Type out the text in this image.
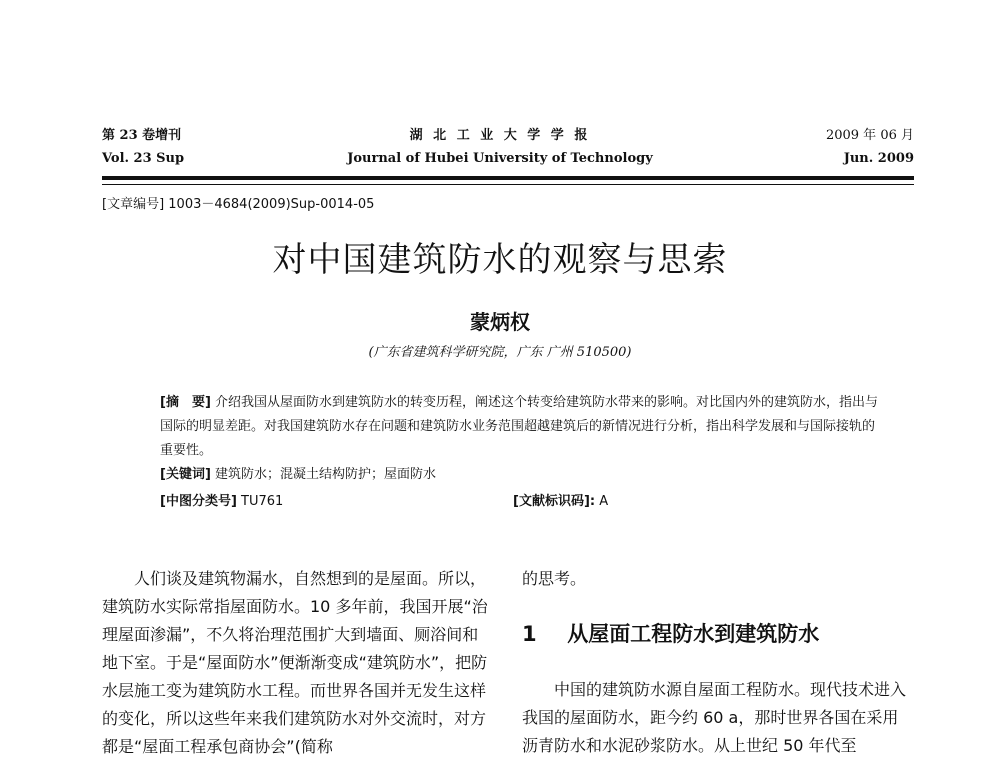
第 23 卷增刊
Vol. 23 Sup
湖 北 工 业 大 学 学 报
Journal of Hubei University of Technology
2009 年 06 月
Jun. 2009
[文章编号] 1003－4684(2009)Sup-0014-05
对中国建筑防水的观察与思索
蒙炳权
(广东省建筑科学研究院，广东 广州 510500)

[摘　要] 介绍我国从屋面防水到建筑防水的转变历程，阐述这个转变给建筑防水带来的影响。对比国内外的建筑防水，指出与国际的明显差距。对我国建筑防水存在问题和建筑防水业务范围超越建筑后的新情况进行分析，指出科学发展和与国际接轨的重要性。

[关键词] 建筑防水；混凝土结构防护；屋面防水

[中图分类号] TU761	[文献标识码]: A

人们谈及建筑物漏水，自然想到的是屋面。所以，建筑防水实际常指屋面防水。10 多年前，我国开展“治理屋面渗漏”，不久将治理范围扩大到墙面、厕浴间和地下室。于是“屋面防水”便渐渐变成“建筑防水”，把防水层施工变为建筑防水工程。而世界各国并无发生这样的变化，所以这些年来我们建筑防水对外交流时，对方都是“屋面工程承包商协会”(简称

的思考。
1 从屋面工程防水到建筑防水

中国的建筑防水源自屋面工程防水。现代技术进入我国的屋面防水，距今约 60 a，那时世界各国在采用沥青防水和水泥砂浆防水。从上世纪 50 年代至
